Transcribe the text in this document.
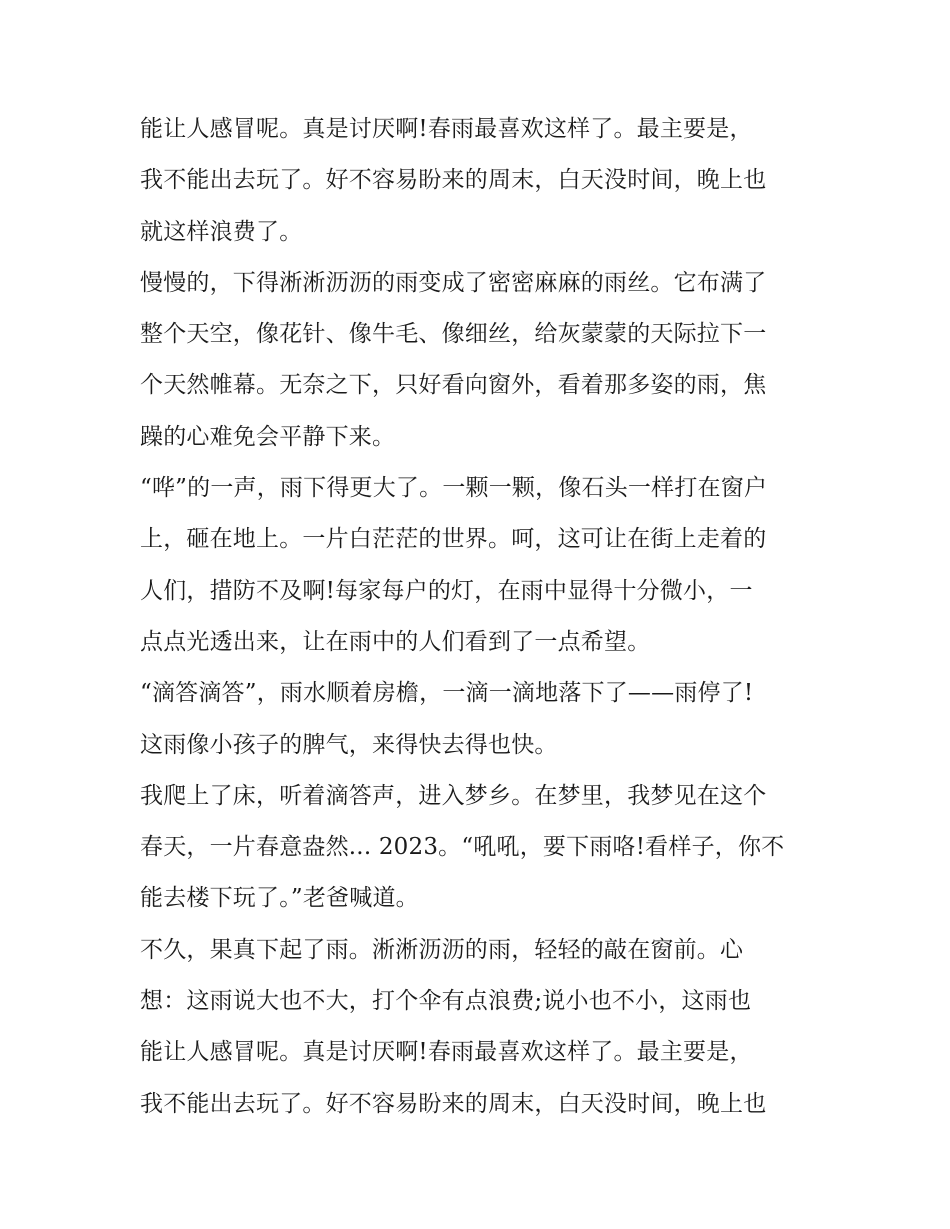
能让人感冒呢。真是讨厌啊!春雨最喜欢这样了。最主要是，
我不能出去玩了。好不容易盼来的周末，白天没时间，晚上也
就这样浪费了。
慢慢的，下得淅淅沥沥的雨变成了密密麻麻的雨丝。它布满了
整个天空，像花针、像牛毛、像细丝，给灰蒙蒙的天际拉下一
个天然帷幕。无奈之下，只好看向窗外，看着那多姿的雨，焦
躁的心难免会平静下来。
“哗”的一声，雨下得更大了。一颗一颗，像石头一样打在窗户
上，砸在地上。一片白茫茫的世界。呵，这可让在街上走着的
人们，措防不及啊!每家每户的灯，在雨中显得十分微小，一
点点光透出来，让在雨中的人们看到了一点希望。
“滴答滴答”，雨水顺着房檐，一滴一滴地落下了——雨停了!
这雨像小孩子的脾气，来得快去得也快。
我爬上了床，听着滴答声，进入梦乡。在梦里，我梦见在这个
春天，一片春意盎然... 2023。“吼吼，要下雨咯!看样子，你不
能去楼下玩了。”老爸喊道。
不久，果真下起了雨。淅淅沥沥的雨，轻轻的敲在窗前。心
想：这雨说大也不大，打个伞有点浪费;说小也不小，这雨也
能让人感冒呢。真是讨厌啊!春雨最喜欢这样了。最主要是，
我不能出去玩了。好不容易盼来的周末，白天没时间，晚上也
